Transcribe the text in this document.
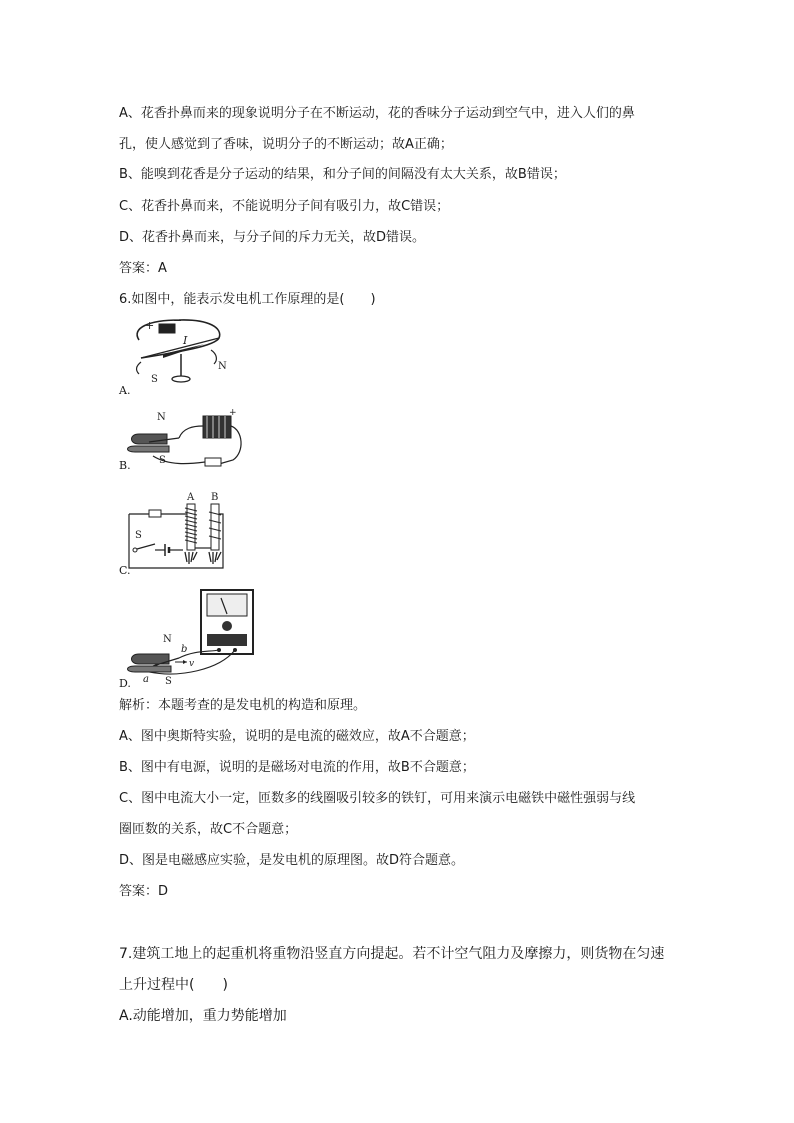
A、花香扑鼻而来的现象说明分子在不断运动，花的香味分子运动到空气中，进入人们的鼻
孔，使人感觉到了香味，说明分子的不断运动；故A正确；
B、能嗅到花香是分子运动的结果，和分子间的间隔没有太大关系，故B错误；
C、花香扑鼻而来，不能说明分子间有吸引力，故C错误；
D、花香扑鼻而来，与分子间的斥力无关，故D错误。
答案：A
6.如图中，能表示发电机工作原理的是(　　)
+ −
I
S
N
A.
N
S
+
B.
A B
S
C.
N
b
a S
v
D.
解析：本题考查的是发电机的构造和原理。
A、图中奥斯特实验，说明的是电流的磁效应，故A不合题意；
B、图中有电源，说明的是磁场对电流的作用，故B不合题意；
C、图中电流大小一定，匝数多的线圈吸引较多的铁钉，可用来演示电磁铁中磁性强弱与线
圈匝数的关系，故C不合题意；
D、图是电磁感应实验，是发电机的原理图。故D符合题意。
答案：D
7.建筑工地上的起重机将重物沿竖直方向提起。若不计空气阻力及摩擦力，则货物在匀速
上升过程中(　　)
A.动能增加，重力势能增加
